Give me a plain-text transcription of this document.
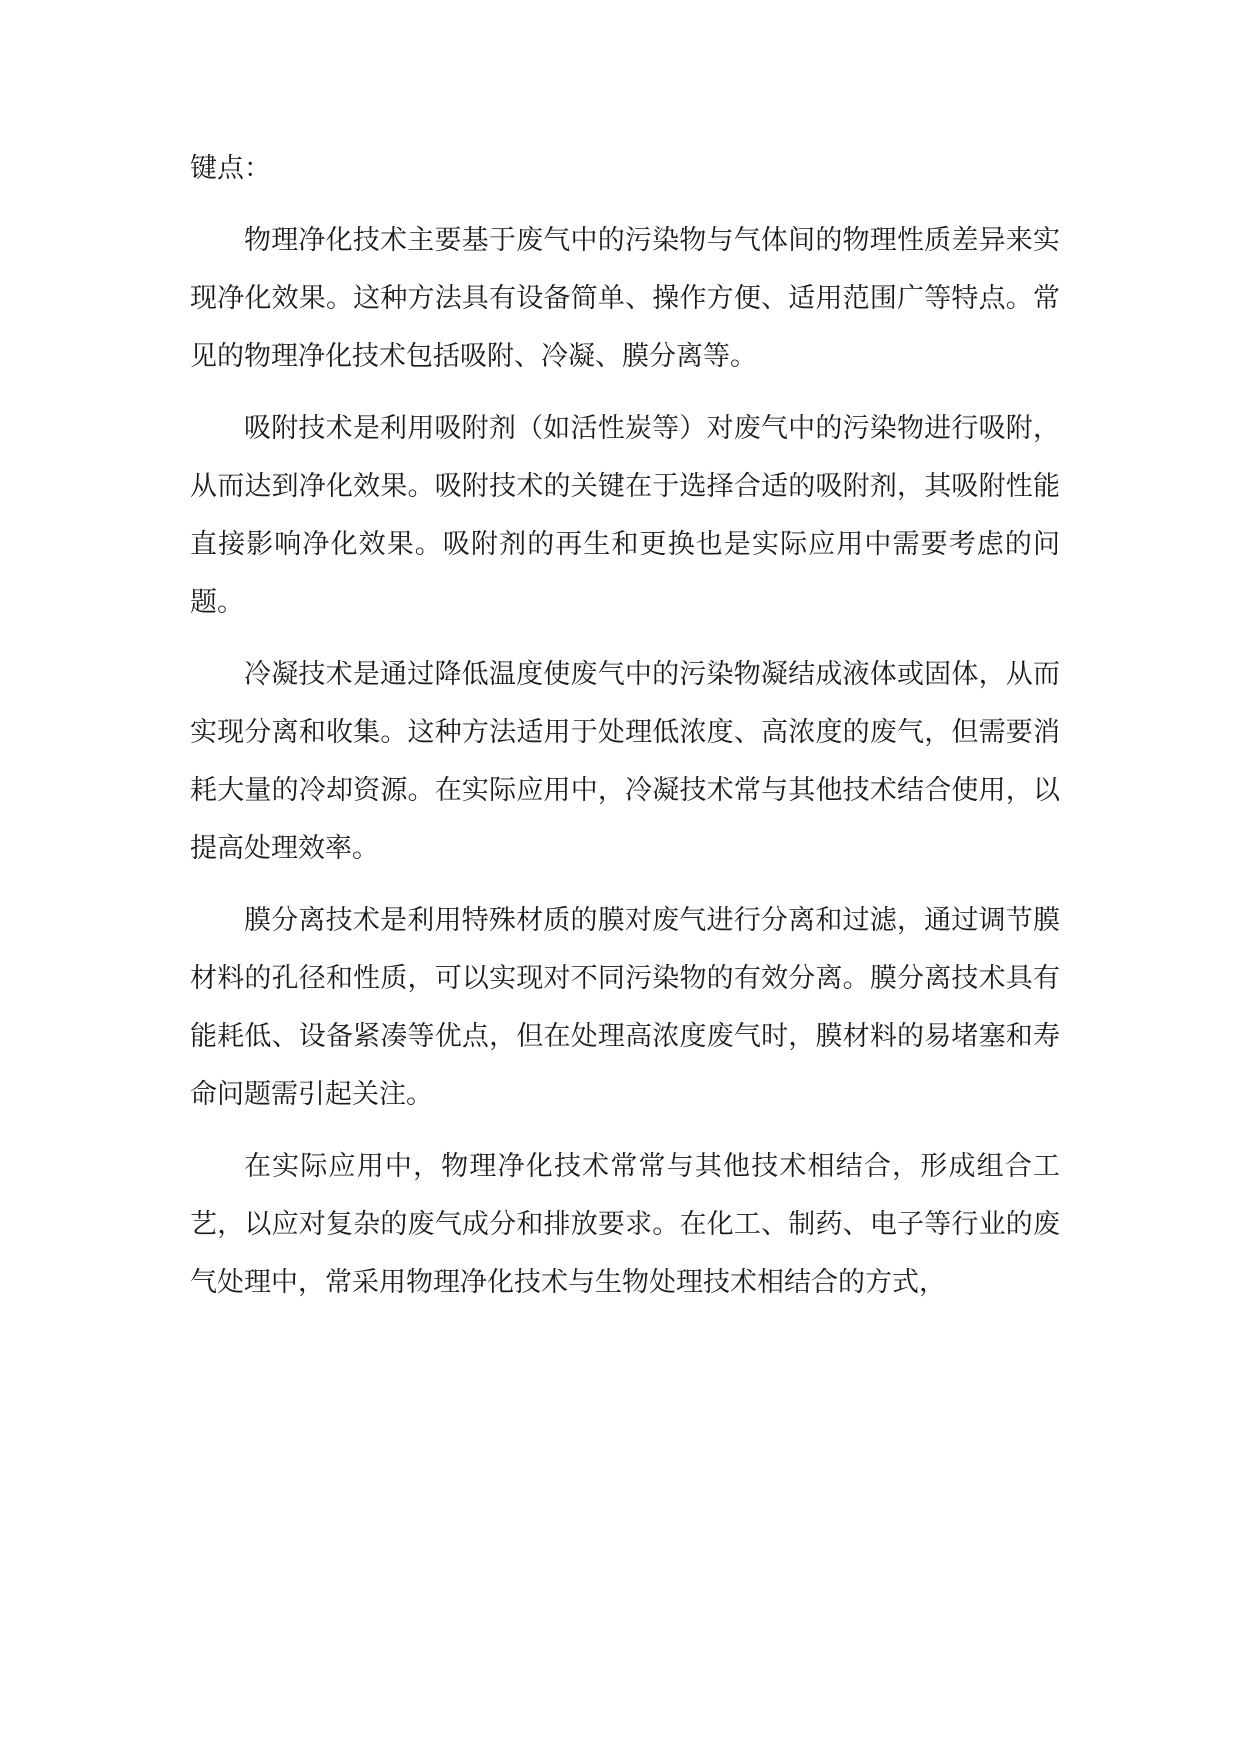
键点：

物理净化技术主要基于废气中的污染物与气体间的物理性质差异来实现净化效果。这种方法具有设备简单、操作方便、适用范围广等特点。常见的物理净化技术包括吸附、冷凝、膜分离等。

吸附技术是利用吸附剂（如活性炭等）对废气中的污染物进行吸附，从而达到净化效果。吸附技术的关键在于选择合适的吸附剂，其吸附性能直接影响净化效果。吸附剂的再生和更换也是实际应用中需要考虑的问题。

冷凝技术是通过降低温度使废气中的污染物凝结成液体或固体，从而实现分离和收集。这种方法适用于处理低浓度、高浓度的废气，但需要消耗大量的冷却资源。在实际应用中，冷凝技术常与其他技术结合使用，以提高处理效率。

膜分离技术是利用特殊材质的膜对废气进行分离和过滤，通过调节膜材料的孔径和性质，可以实现对不同污染物的有效分离。膜分离技术具有能耗低、设备紧凑等优点，但在处理高浓度废气时，膜材料的易堵塞和寿命问题需引起关注。

在实际应用中，物理净化技术常常与其他技术相结合，形成组合工艺，以应对复杂的废气成分和排放要求。在化工、制药、电子等行业的废气处理中，常采用物理净化技术与生物处理技术相结合的方式，
